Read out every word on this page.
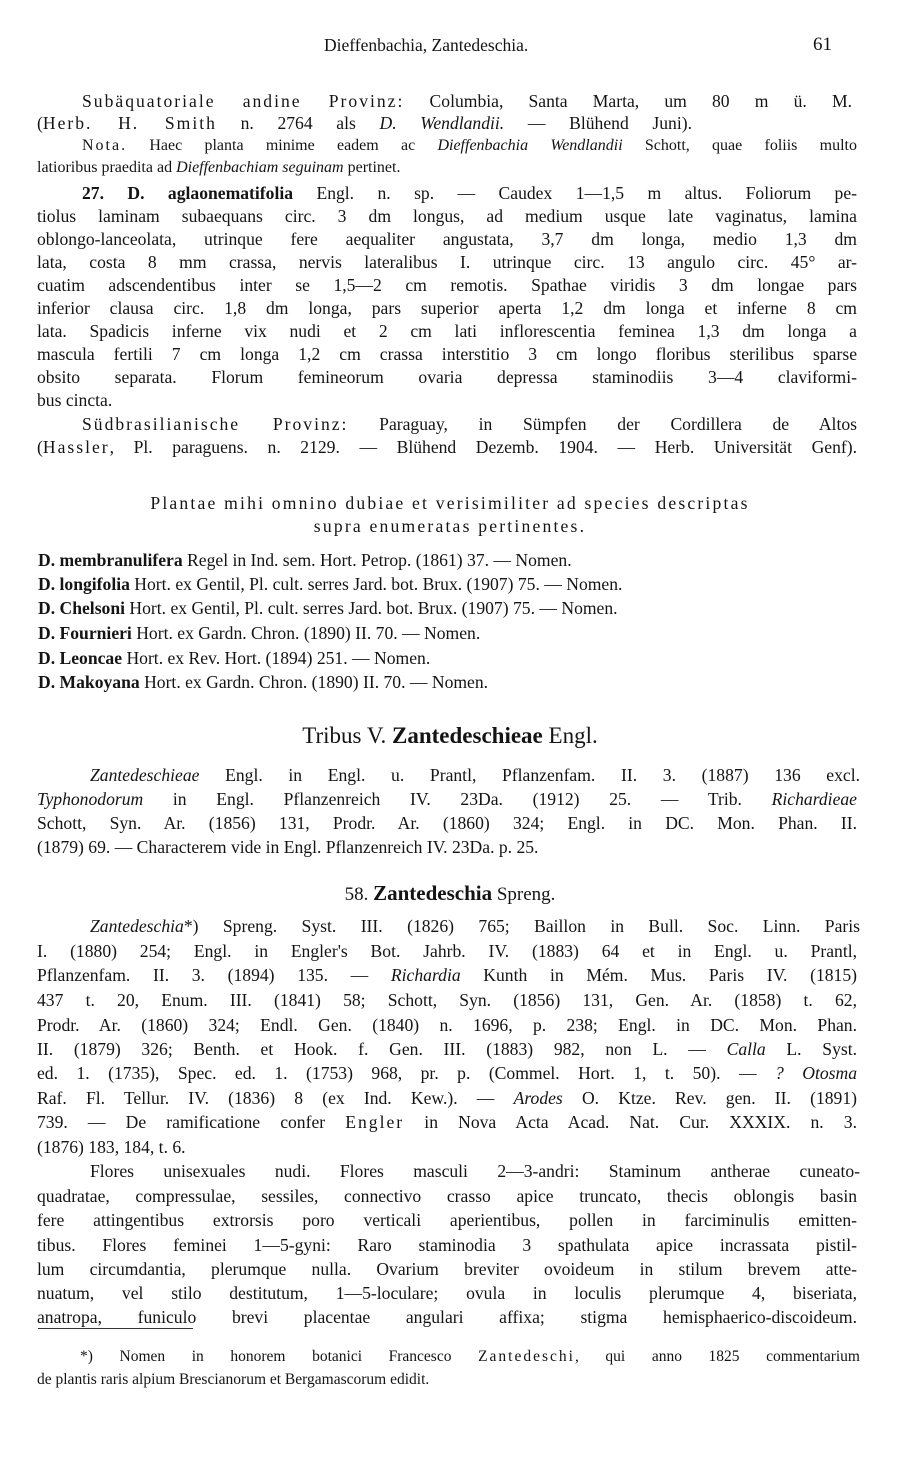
Dieffenbachia, Zantedeschia.	61
Subäquatoriale andine Provinz: Columbia, Santa Marta, um 80 m ü. M.
(Herb. H. Smith n. 2764 als D. Wendlandii. — Blühend Juni).
Nota. Haec planta minime eadem ac Dieffenbachia Wendlandii Schott, quae foliis multo
latioribus praedita ad Dieffenbachiam seguinam pertinet.
27. D. aglaonematifolia Engl. n. sp. — Caudex 1—1,5 m altus. Foliorum pe-
tiolus laminam subaequans circ. 3 dm longus, ad medium usque late vaginatus, lamina
oblongo-lanceolata, utrinque fere aequaliter angustata, 3,7 dm longa, medio 1,3 dm
lata, costa 8 mm crassa, nervis lateralibus I. utrinque circ. 13 angulo circ. 45° ar-
cuatim adscendentibus inter se 1,5—2 cm remotis. Spathae viridis 3 dm longae pars
inferior clausa circ. 1,8 dm longa, pars superior aperta 1,2 dm longa et inferne 8 cm
lata. Spadicis inferne vix nudi et 2 cm lati inflorescentia feminea 1,3 dm longa a
mascula fertili 7 cm longa 1,2 cm crassa interstitio 3 cm longo floribus sterilibus sparse
obsito separata. Florum femineorum ovaria depressa staminodiis 3—4 claviformi-
bus cincta.
Südbrasilianische Provinz: Paraguay, in Sümpfen der Cordillera de Altos
(Hassler, Pl. paraguens. n. 2129. — Blühend Dezemb. 1904. — Herb. Universität Genf).
Plantae mihi omnino dubiae et verisimiliter ad species descriptas
supra enumeratas pertinentes.
D. membranulifera Regel in Ind. sem. Hort. Petrop. (1861) 37. — Nomen.
D. longifolia Hort. ex Gentil, Pl. cult. serres Jard. bot. Brux. (1907) 75. — Nomen.
D. Chelsoni Hort. ex Gentil, Pl. cult. serres Jard. bot. Brux. (1907) 75. — Nomen.
D. Fournieri Hort. ex Gardn. Chron. (1890) II. 70. — Nomen.
D. Leoncae Hort. ex Rev. Hort. (1894) 251. — Nomen.
D. Makoyana Hort. ex Gardn. Chron. (1890) II. 70. — Nomen.
Tribus V. Zantedeschieae Engl.
Zantedeschieae Engl. in Engl. u. Prantl, Pflanzenfam. II. 3. (1887) 136 excl.
Typhonodorum in Engl. Pflanzenreich IV. 23Da. (1912) 25. — Trib. Richardieae
Schott, Syn. Ar. (1856) 131, Prodr. Ar. (1860) 324; Engl. in DC. Mon. Phan. II.
(1879) 69. — Characterem vide in Engl. Pflanzenreich IV. 23Da. p. 25.
58. Zantedeschia Spreng.
Zantedeschia*) Spreng. Syst. III. (1826) 765; Baillon in Bull. Soc. Linn. Paris
I. (1880) 254; Engl. in Engler's Bot. Jahrb. IV. (1883) 64 et in Engl. u. Prantl,
Pflanzenfam. II. 3. (1894) 135. — Richardia Kunth in Mém. Mus. Paris IV. (1815)
437 t. 20, Enum. III. (1841) 58; Schott, Syn. (1856) 131, Gen. Ar. (1858) t. 62,
Prodr. Ar. (1860) 324; Endl. Gen. (1840) n. 1696, p. 238; Engl. in DC. Mon. Phan.
II. (1879) 326; Benth. et Hook. f. Gen. III. (1883) 982, non L. — Calla L. Syst.
ed. 1. (1735), Spec. ed. 1. (1753) 968, pr. p. (Commel. Hort. 1, t. 50). — ? Otosma
Raf. Fl. Tellur. IV. (1836) 8 (ex Ind. Kew.). — Arodes O. Ktze. Rev. gen. II. (1891)
739. — De ramificatione confer Engler in Nova Acta Acad. Nat. Cur. XXXIX. n. 3.
(1876) 183, 184, t. 6.
Flores unisexuales nudi. Flores masculi 2—3-andri: Staminum antherae cuneato-
quadratae, compressulae, sessiles, connectivo crasso apice truncato, thecis oblongis basin
fere attingentibus extrorsis poro verticali aperientibus, pollen in farciminulis emitten-
tibus. Flores feminei 1—5-gyni: Raro staminodia 3 spathulata apice incrassata pistil-
lum circumdantia, plerumque nulla. Ovarium breviter ovoideum in stilum brevem atte-
nuatum, vel stilo destitutum, 1—5-loculare; ovula in loculis plerumque 4, biseriata,
anatropa, funiculo brevi placentae angulari affixa; stigma hemisphaerico-discoideum.
*) Nomen in honorem botanici Francesco Zantedeschi, qui anno 1825 commentarium
de plantis raris alpium Brescianorum et Bergamascorum edidit.
